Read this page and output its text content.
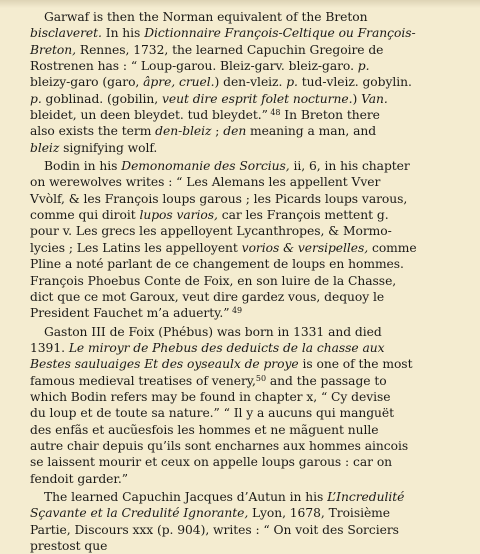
Garwaf is then the Norman equivalent of the Breton
bisclaveret. In his Dictionnaire François-Celtique ou François-
Breton, Rennes, 1732, the learned Capuchin Gregoire de
Rostrenen has : “ Loup-garou. Bleiz-garv. bleiz-garo. p.
bleizy-garo (garo, âpre, cruel.) den-vleiz. p. tud-vleiz. gobylin.
p. goblinad. (gobilin, veut dire esprit folet nocturne.) Van.
bleidet, un deen bleydet. tud bleydet.” $^{48}$ In Breton there
also exists the term den-bleiz ; den meaning a man, and
bleiz signifying wolf.
Bodin in his Demonomanie des Sorcius, ii, 6, in his chapter
on werewolves writes : “ Les Alemans les appellent Vver
Vvòlf, & les François loups garous ; les Picards loups varous,
comme qui diroit lupos varios, car les François mettent g.
pour v. Les grecs les appelloyent Lycanthropes, & Mormo-
lycies ; Les Latins les appelloyent vorios & versipelles, comme
Pline a noté parlant de ce changement de loups en hommes.
François Phoebus Conte de Foix, en son luire de la Chasse,
dict que ce mot Garoux, veut dire gardez vous, dequoy le
President Fauchet m’a aduerty.” $^{49}$
Gaston III de Foix (Phébus) was born in 1331 and died
1391. Le miroyr de Phebus des deduicts de la chasse aux
Bestes sauluaiges Et des oyseaulx de proye is one of the most
famous medieval treatises of venery,$^{50}$ and the passage to
which Bodin refers may be found in chapter x, “ Cy devise
du loup et de toute sa nature.” “ Il y a aucuns qui manguët
des enfãs et aucũesfois les hommes et ne mãguent nulle
autre chair depuis qu’ils sont encharnes aux hommes aincois
se laissent mourir et ceux on appelle loups garous : car on
fendoit garder.”
The learned Capuchin Jacques d’Autun in his L’Incredulité
Sçavante et la Credulité Ignorante, Lyon, 1678, Troisième
Partie, Discours xxx (p. 904), writes : “ On voit des Sorciers
prestost que
